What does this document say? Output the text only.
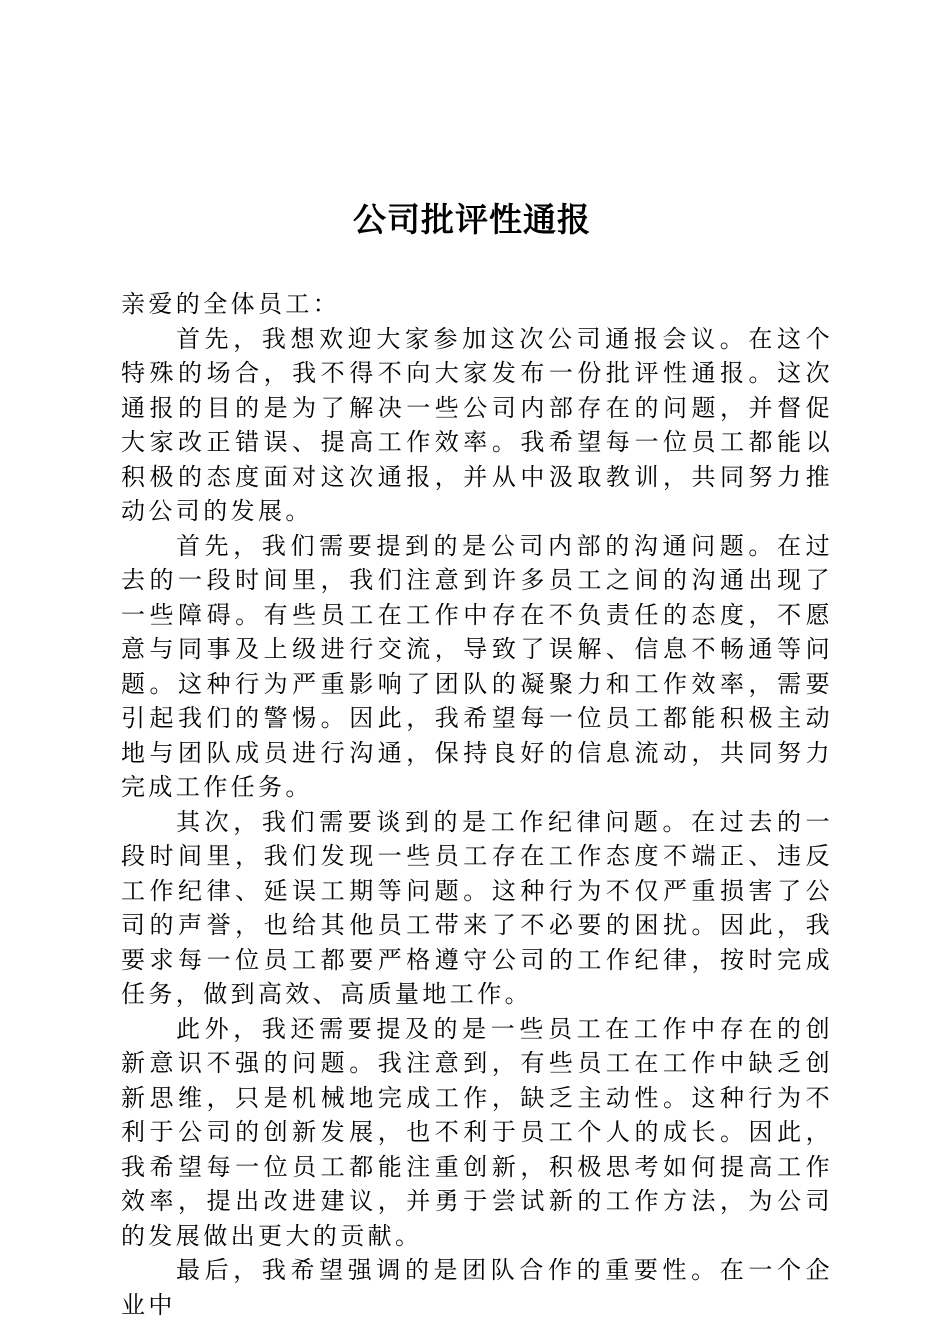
公司批评性通报

亲爱的全体员工：

首先，我想欢迎大家参加这次公司通报会议。在这个特殊的场合，我不得不向大家发布一份批评性通报。这次通报的目的是为了解决一些公司内部存在的问题，并督促大家改正错误、提高工作效率。我希望每一位员工都能以积极的态度面对这次通报，并从中汲取教训，共同努力推动公司的发展。

首先，我们需要提到的是公司内部的沟通问题。在过去的一段时间里，我们注意到许多员工之间的沟通出现了一些障碍。有些员工在工作中存在不负责任的态度，不愿意与同事及上级进行交流，导致了误解、信息不畅通等问题。这种行为严重影响了团队的凝聚力和工作效率，需要引起我们的警惕。因此，我希望每一位员工都能积极主动地与团队成员进行沟通，保持良好的信息流动，共同努力完成工作任务。

其次，我们需要谈到的是工作纪律问题。在过去的一段时间里，我们发现一些员工存在工作态度不端正、违反工作纪律、延误工期等问题。这种行为不仅严重损害了公司的声誉，也给其他员工带来了不必要的困扰。因此，我要求每一位员工都要严格遵守公司的工作纪律，按时完成任务，做到高效、高质量地工作。

此外，我还需要提及的是一些员工在工作中存在的创新意识不强的问题。我注意到，有些员工在工作中缺乏创新思维，只是机械地完成工作，缺乏主动性。这种行为不利于公司的创新发展，也不利于员工个人的成长。因此，我希望每一位员工都能注重创新，积极思考如何提高工作效率，提出改进建议，并勇于尝试新的工作方法，为公司的发展做出更大的贡献。

最后，我希望强调的是团队合作的重要性。在一个企业中
